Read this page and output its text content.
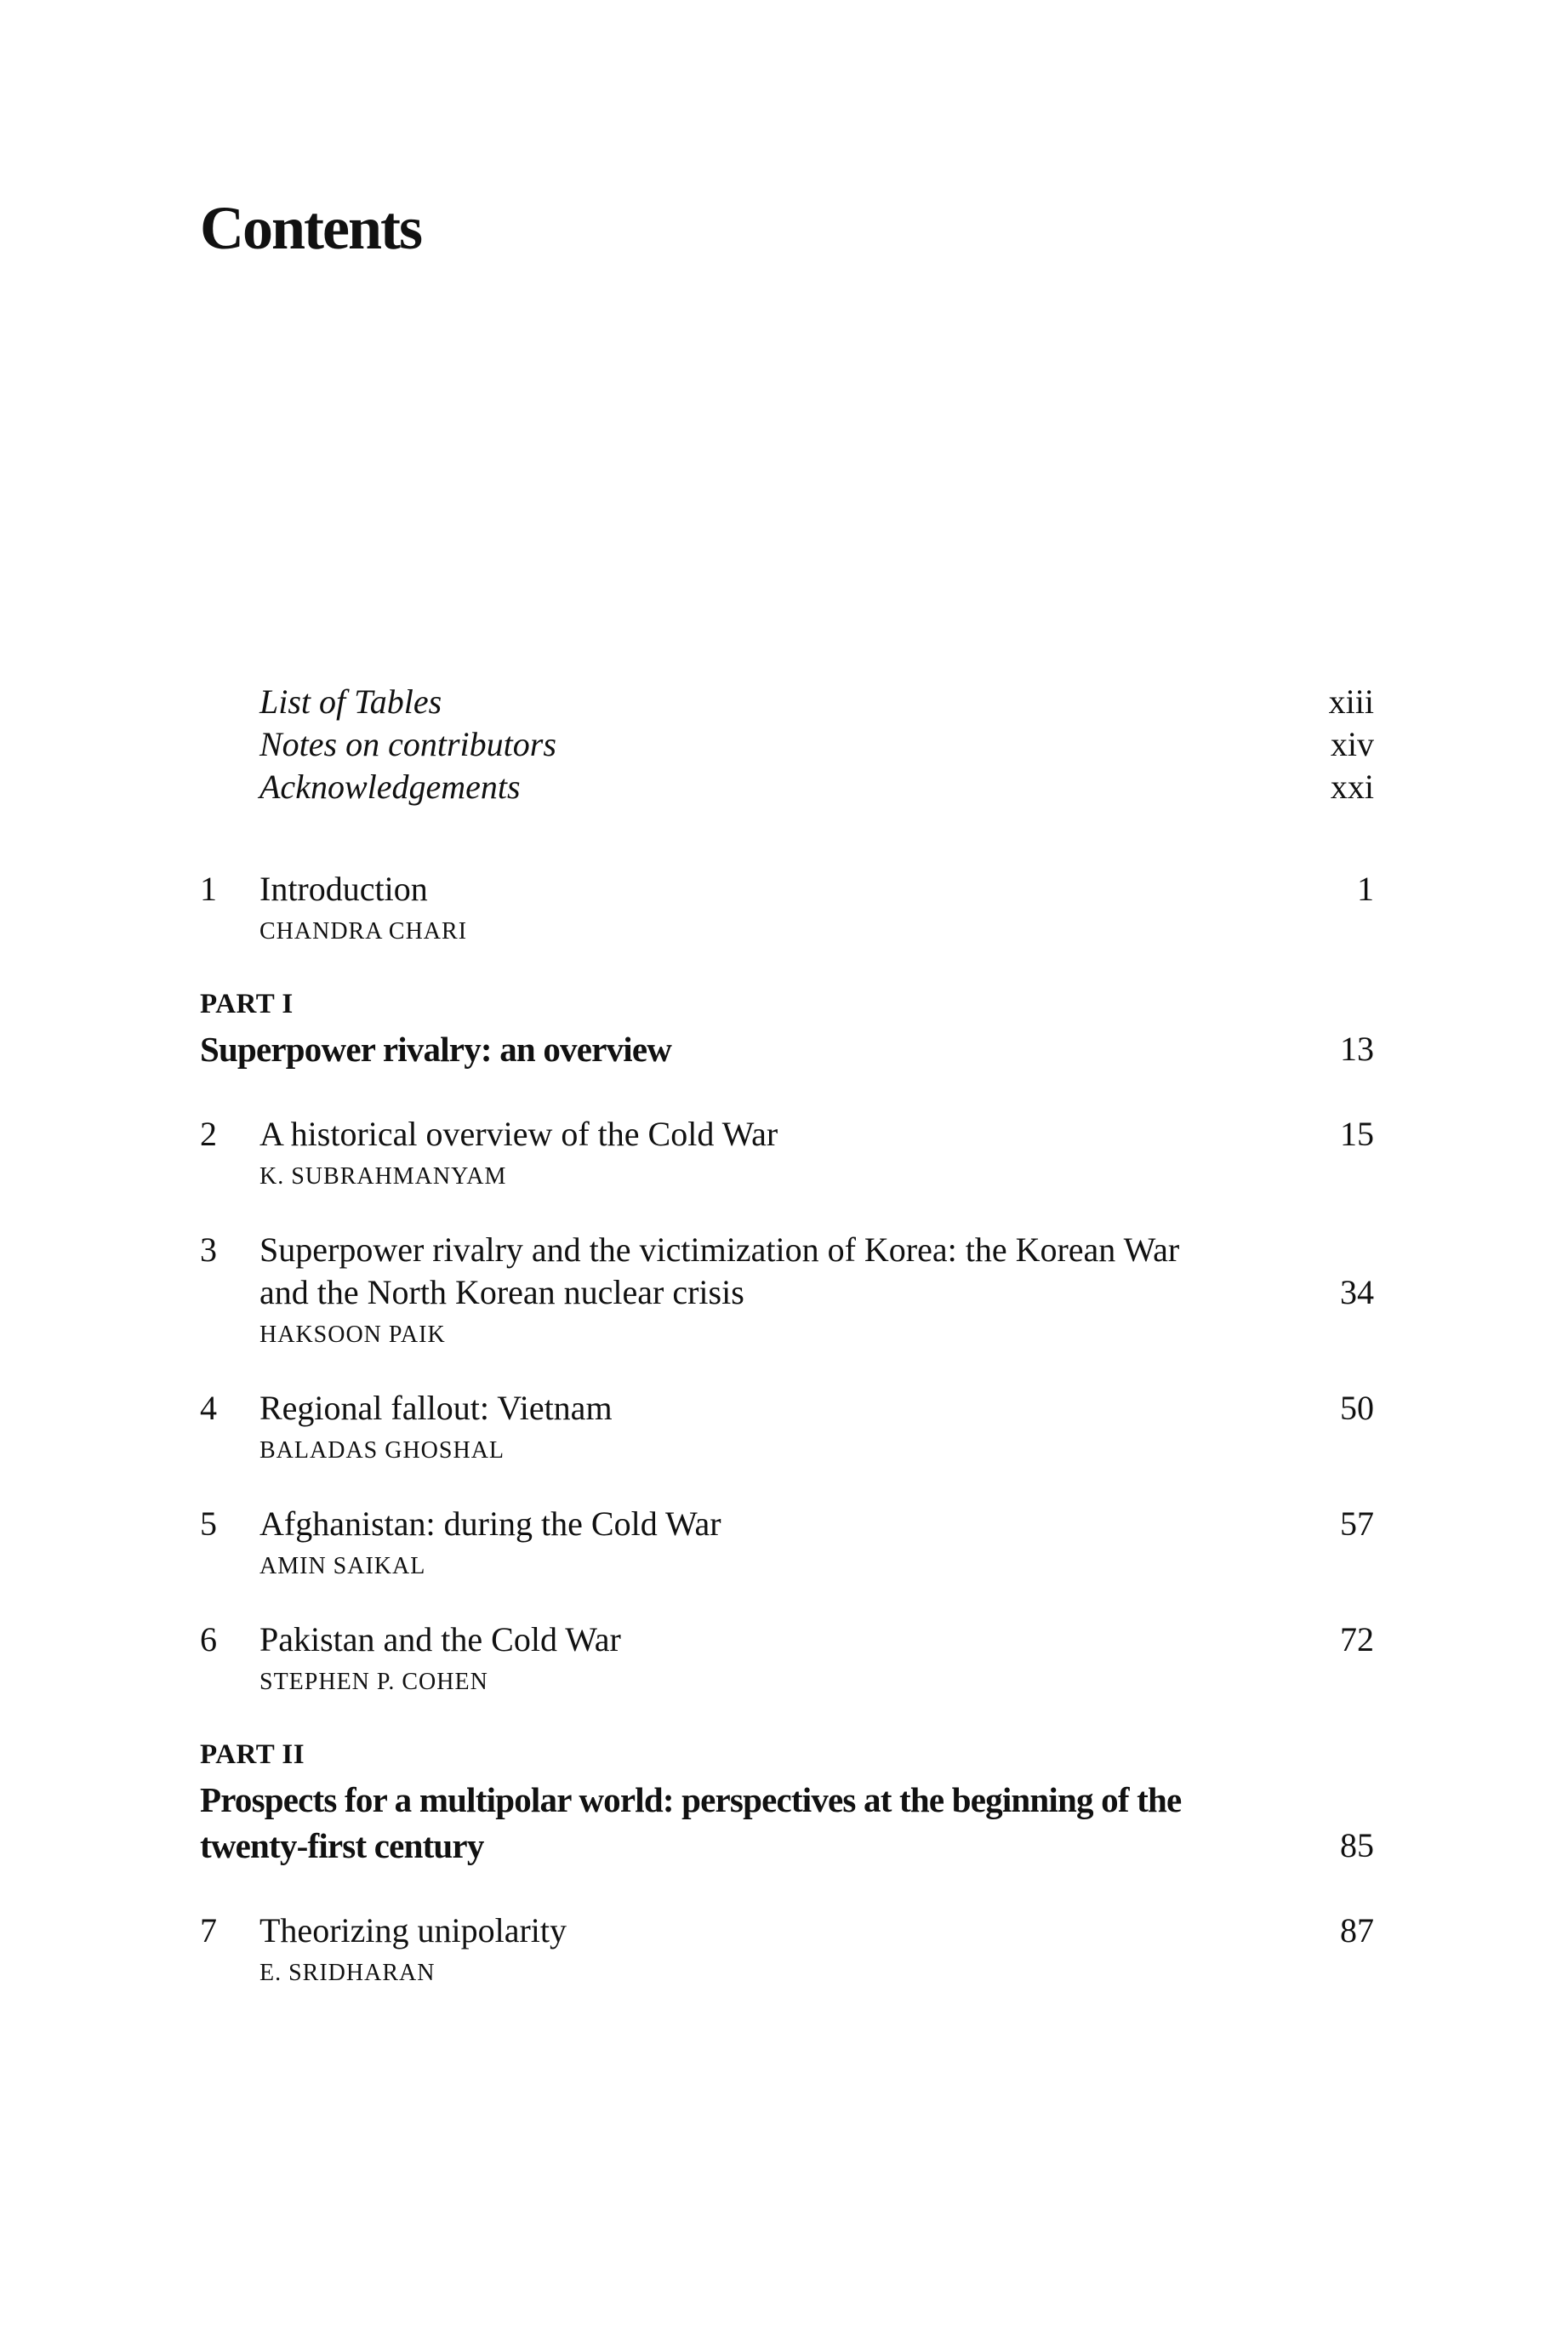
Contents
List of Tables	xiii
Notes on contributors	xiv
Acknowledgements	xxi
1	Introduction	1
CHANDRA CHARI
PART I
Superpower rivalry: an overview	13
2	A historical overview of the Cold War	15
K. SUBRAHMANYAM
3	Superpower rivalry and the victimization of Korea: the Korean War and the North Korean nuclear crisis	34
HAKSOON PAIK
4	Regional fallout: Vietnam	50
BALADAS GHOSHAL
5	Afghanistan: during the Cold War	57
AMIN SAIKAL
6	Pakistan and the Cold War	72
STEPHEN P. COHEN
PART II
Prospects for a multipolar world: perspectives at the beginning of the twenty-first century	85
7	Theorizing unipolarity	87
E. SRIDHARAN
